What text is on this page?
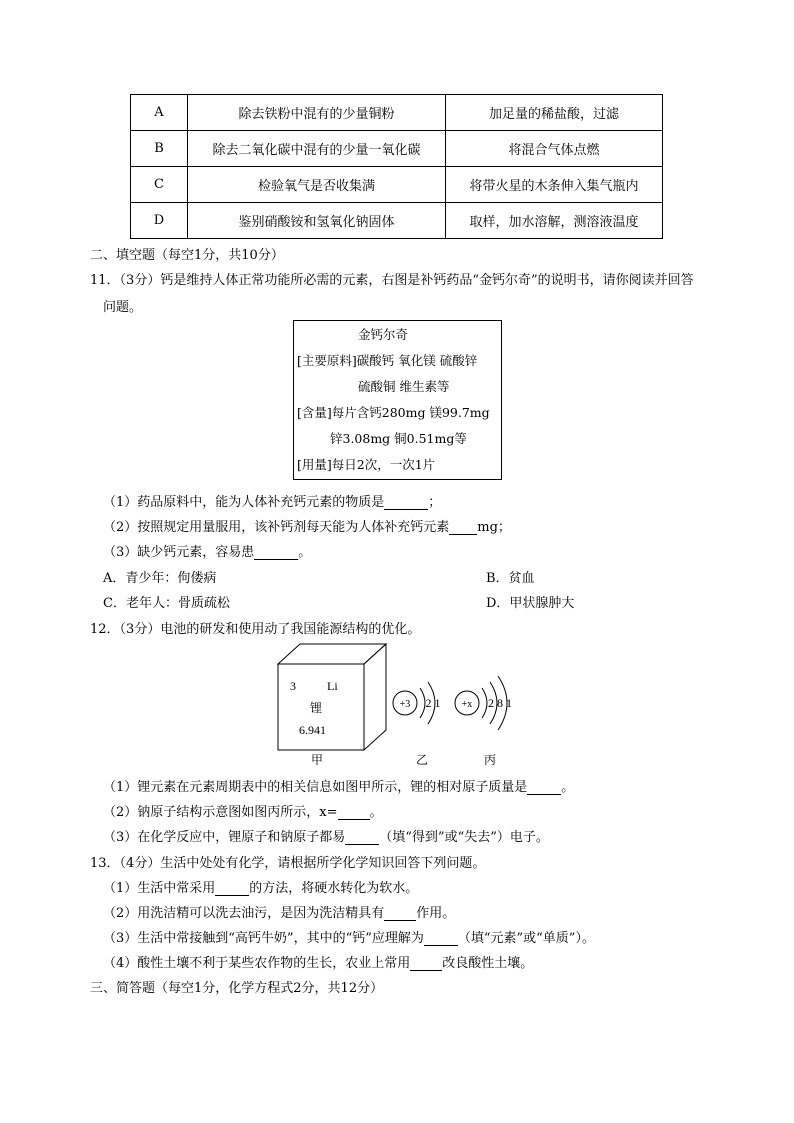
A	除去铁粉中混有的少量铜粉	加足量的稀盐酸，过滤
B	除去二氧化碳中混有的少量一氧化碳	将混合气体点燃
C	检验氧气是否收集满	将带火星的木条伸入集气瓶内
D	鉴别硝酸铵和氢氧化钠固体	取样，加水溶解，测溶液温度
二、填空题（每空1分，共10分）
11．（3分）钙是维持人体正常功能所必需的元素，右图是补钙药品“金钙尔奇”的说明书，请你阅读并回答
问题。
金钙尔奇
[主要原料]碳酸钙 氧化镁 硫酸锌
硫酸铜 维生素等
[含量]每片含钙280mg 镁99.7mg
锌3.08mg 铜0.51mg等
[用量]每日2次，一次1片
（1）药品原料中，能为人体补充钙元素的物质是	；
（2）按照规定用量服用，该补钙剂每天能为人体补充钙元素 mg；
（3）缺少钙元素，容易患	。
A．青少年：佝偻病	B．贫血
C．老年人：骨质疏松	D．甲状腺肿大
12．（3分）电池的研发和使用动了我国能源结构的优化。
3	Li
锂
6.941
+3 2 1 +x 2 8 1
甲	乙	丙
（1）锂元素在元素周期表中的相关信息如图甲所示，锂的相对原子质量是	。
（2）钠原子结构示意图如图丙所示，x= 。
（3）在化学反应中，锂原子和钠原子都易	（填“得到”或“失去”）电子。
13．（4分）生活中处处有化学，请根据所学化学知识回答下列问题。
（1）生活中常采用	的方法，将硬水转化为软水。
（2）用洗洁精可以洗去油污，是因为洗洁精具有 作用。
（3）生活中常接触到“高钙牛奶”，其中的“钙”应理解为	（填“元素”或“单质”）。
（4）酸性土壤不利于某些农作物的生长，农业上常用 改良酸性土壤。
三、简答题（每空1分，化学方程式2分，共12分）
